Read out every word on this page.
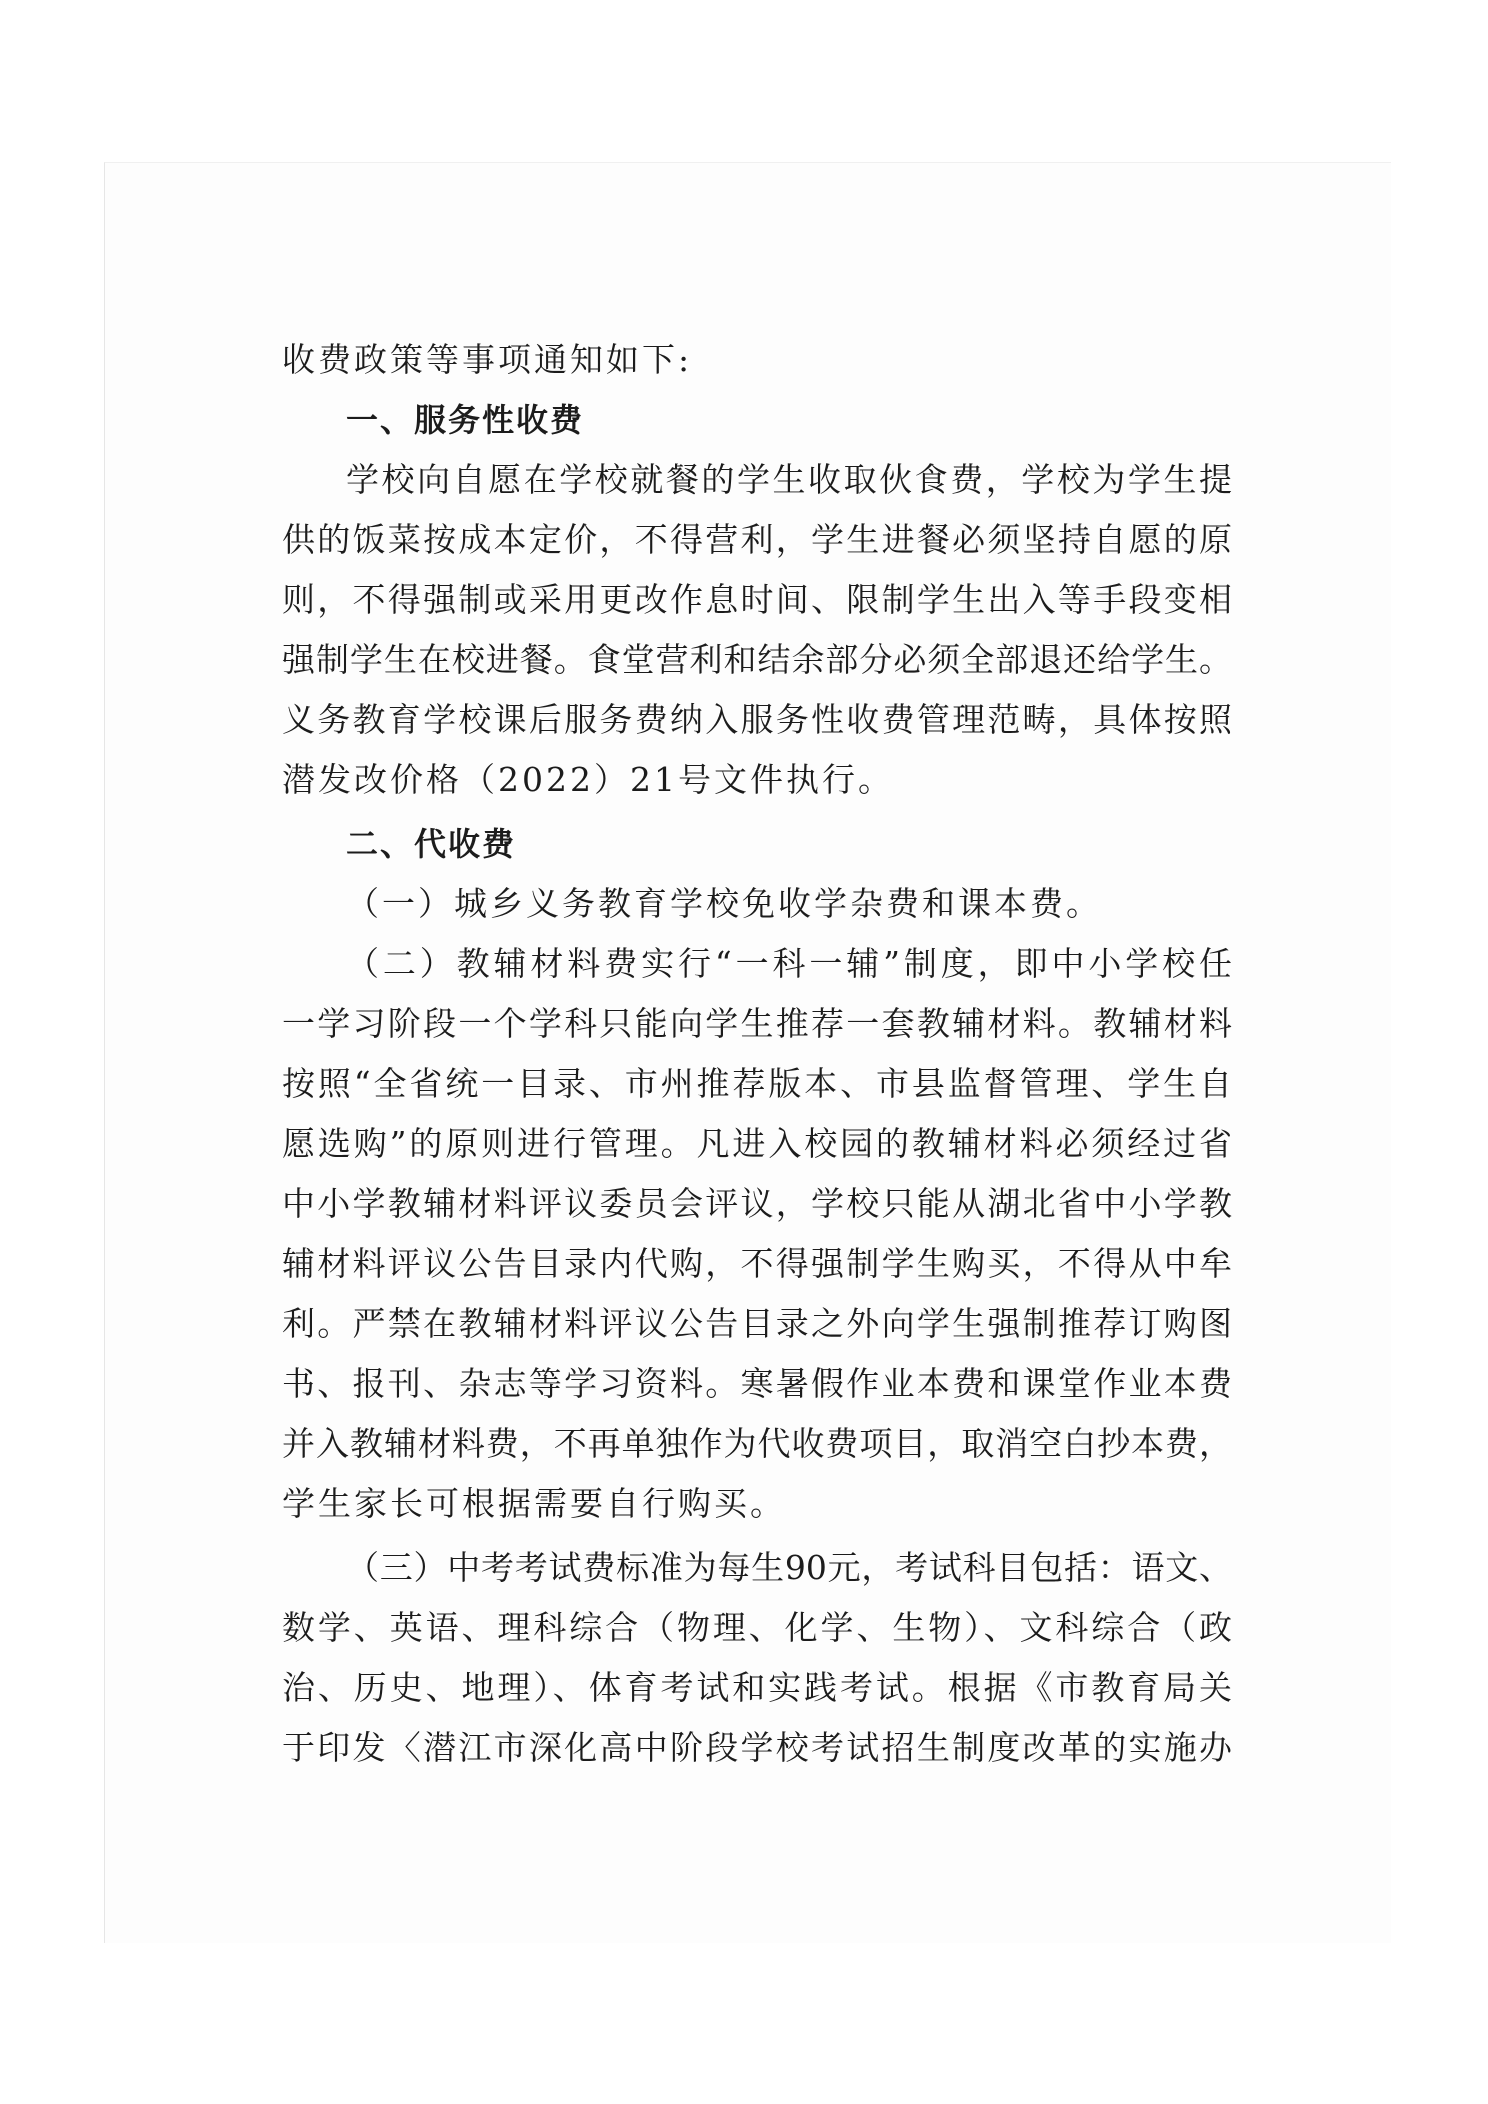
收费政策等事项通知如下:
一、服务性收费
学校向自愿在学校就餐的学生收取伙食费，学校为学生提
供的饭菜按成本定价，不得营利，学生进餐必须坚持自愿的原
则，不得强制或采用更改作息时间、限制学生出入等手段变相
强制学生在校进餐。食堂营利和结余部分必须全部退还给学生。
义务教育学校课后服务费纳入服务性收费管理范畴，具体按照
潜发改价格（2022）21号文件执行。
二、代收费
（一）城乡义务教育学校免收学杂费和课本费。
（二）教辅材料费实行“一科一辅”制度，即中小学校任
一学习阶段一个学科只能向学生推荐一套教辅材料。教辅材料
按照“全省统一目录、市州推荐版本、市县监督管理、学生自
愿选购”的原则进行管理。凡进入校园的教辅材料必须经过省
中小学教辅材料评议委员会评议，学校只能从湖北省中小学教
辅材料评议公告目录内代购，不得强制学生购买，不得从中牟
利。严禁在教辅材料评议公告目录之外向学生强制推荐订购图
书、报刊、杂志等学习资料。寒暑假作业本费和课堂作业本费
并入教辅材料费，不再单独作为代收费项目，取消空白抄本费，
学生家长可根据需要自行购买。
（三）中考考试费标准为每生90元，考试科目包括：语文、
数学、英语、理科综合（物理、化学、生物）、文科综合（政
治、历史、地理）、体育考试和实践考试。根据《市教育局关
于印发〈潜江市深化高中阶段学校考试招生制度改革的实施办
